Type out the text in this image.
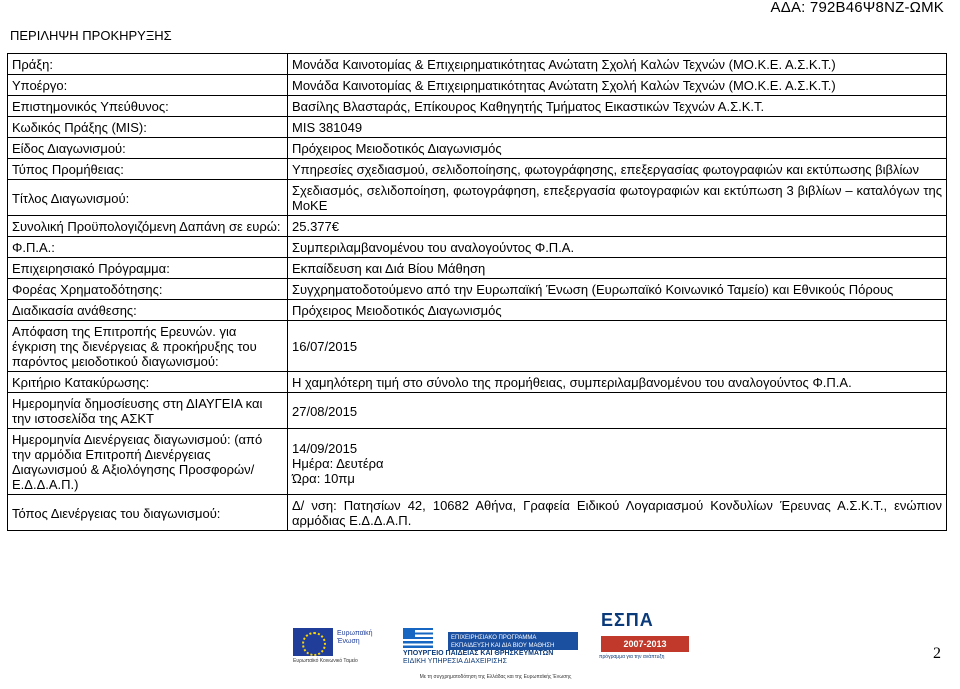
ΑΔΑ: 792Β46Ψ8ΝΖ-ΩΜΚ
ΠΕΡΙΛΗΨΗ ΠΡΟΚΗΡΥΞΗΣ
Πράξη:	Μονάδα Καινοτομίας & Επιχειρηματικότητας Ανώτατη Σχολή Καλών Τεχνών (ΜΟ.Κ.Ε. Α.Σ.Κ.Τ.)
Υποέργο:	Μονάδα Καινοτομίας & Επιχειρηματικότητας Ανώτατη Σχολή Καλών Τεχνών (ΜΟ.Κ.Ε. Α.Σ.Κ.Τ.)
Επιστημονικός Υπεύθυνος:	Βασίλης Βλασταράς, Επίκουρος Καθηγητής Τμήματος Εικαστικών Τεχνών Α.Σ.Κ.Τ.
Κωδικός Πράξης (MIS):	MIS 381049
Είδος Διαγωνισμού:	Πρόχειρος Μειοδοτικός Διαγωνισμός
Τύπος Προμήθειας:	Υπηρεσίες σχεδιασμού, σελιδοποίησης, φωτογράφησης, επεξεργασίας φωτογραφιών και εκτύπωσης βιβλίων
Τίτλος Διαγωνισμού:	Σχεδιασμός, σελιδοποίηση, φωτογράφηση, επεξεργασία φωτογραφιών και εκτύπωση 3 βιβλίων – καταλόγων της ΜοΚΕ
Συνολική Προϋπολογιζόμενη Δαπάνη σε ευρώ:	25.377€
Φ.Π.Α.:	Συμπεριλαμβανομένου του αναλογούντος Φ.Π.Α.
Επιχειρησιακό Πρόγραμμα:	Εκπαίδευση και Διά Βίου Μάθηση
Φορέας Χρηματοδότησης:	Συγχρηματοδοτούμενο από την Ευρωπαϊκή Ένωση (Ευρωπαϊκό Κοινωνικό Ταμείο) και Εθνικούς Πόρους
Διαδικασία ανάθεσης:	Πρόχειρος Μειοδοτικός Διαγωνισμός
Απόφαση της Επιτροπής Ερευνών. για έγκριση της διενέργειας & προκήρυξης του παρόντος μειοδοτικού διαγωνισμού:	16/07/2015
Κριτήριο Κατακύρωσης:	Η χαμηλότερη τιμή στο σύνολο της προμήθειας, συμπεριλαμβανομένου του αναλογούντος Φ.Π.Α.
Ημερομηνία δημοσίευσης στη ΔΙΑΥΓΕΙΑ και την ιστοσελίδα της ΑΣΚΤ	27/08/2015
Ημερομηνία Διενέργειας διαγωνισμού: (από την αρμόδια Επιτροπή Διενέργειας Διαγωνισμού & Αξιολόγησης Προσφορών/ Ε.Δ.Δ.Α.Π.)	14/09/2015
Ημέρα: Δευτέρα
Ώρα: 10πμ

Τόπος Διενέργειας του διαγωνισμού:	Δ/ νση: Πατησίων 42, 10682 Αθήνα, Γραφεία Ειδικού Λογαριασμού Κονδυλίων Έρευνας Α.Σ.Κ.Τ., ενώπιον αρμόδιας Ε.Δ.Δ.Α.Π.
Ευρωπαϊκή Ένωση
Ευρωπαϊκό Κοινωνικό Ταμείο
ΕΠΙΧΕΙΡΗΣΙΑΚΟ ΠΡΟΓΡΑΜΜΑ ΕΚΠΑΙΔΕΥΣΗ ΚΑΙ ΔΙΑ ΒΙΟΥ ΜΑΘΗΣΗ
ΥΠΟΥΡΓΕΙΟ ΠΑΙΔΕΙΑΣ ΚΑΙ ΘΡΗΣΚΕΥΜΑΤΩΝ
ΕΙΔΙΚΗ ΥΠΗΡΕΣΙΑ ΔΙΑΧΕΙΡΙΣΗΣ
ΕΣΠΑ
2007-2013
πρόγραμμα για την ανάπτυξη
Με τη συγχρηματοδότηση της Ελλάδας και της Ευρωπαϊκής Ένωσης
2
